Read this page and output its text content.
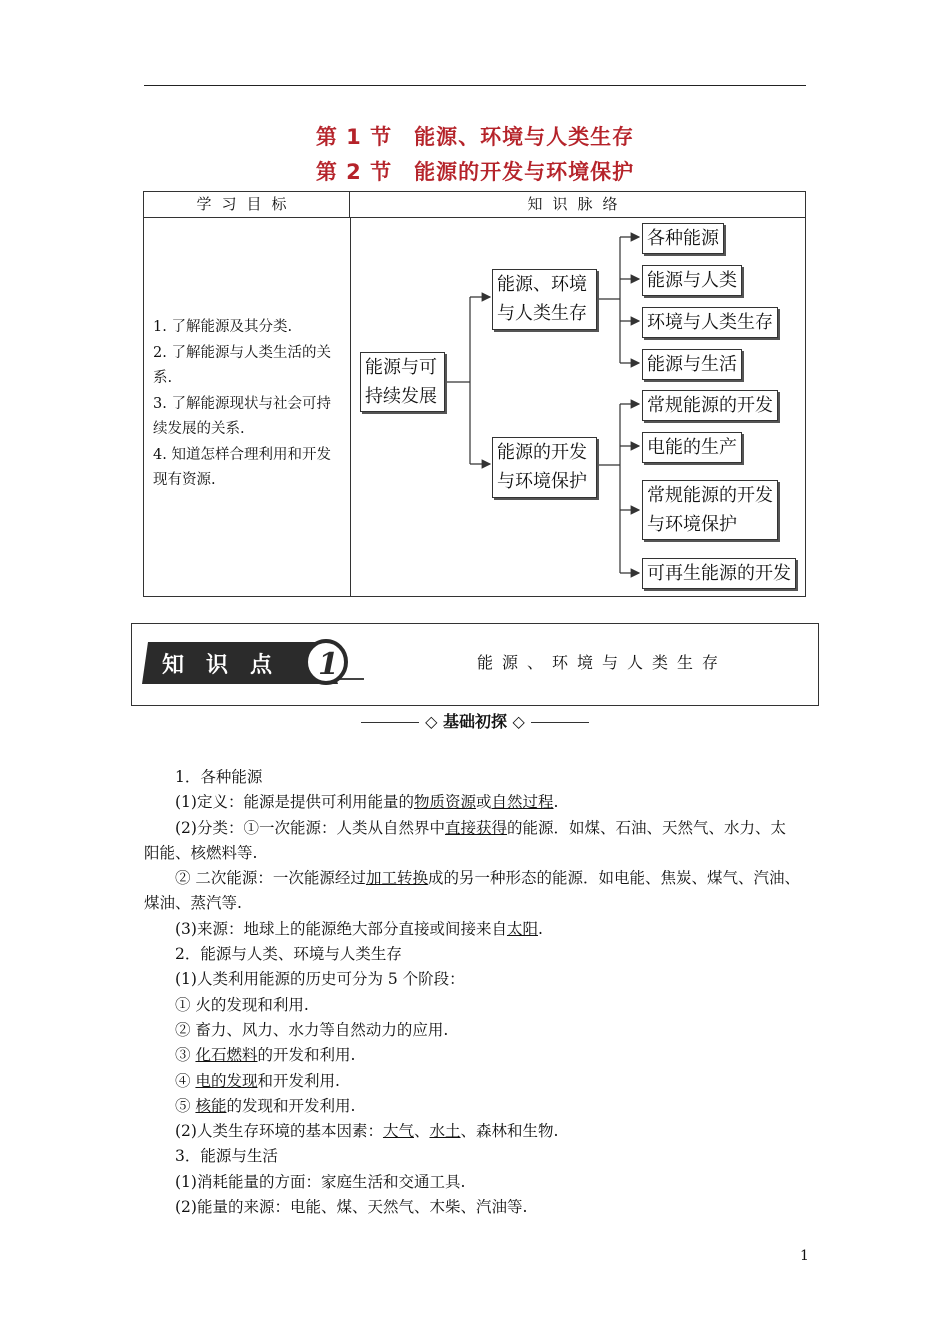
第 1 节　能源、环境与人类生存
第 2 节　能源的开发与环境保护
学习目标	知识脉络
1. 了解能源及其分类.
2. 了解能源与人类生活的关系.
3. 了解能源现状与社会可持续发展的关系.
4. 知道怎样合理利用和开发现有资源.
能源与可
持续发展
能源、环境
与人类生存
能源的开发
与环境保护
各种能源
能源与人类
环境与人类生存
能源与生活
常规能源的开发
电能的生产
常规能源的开发
与环境保护
可再生能源的开发
知　识　点 1	能源、环境与人类生存
◇ 基础初探 ◇
1．各种能源
(1)定义：能源是提供可利用能量的物质资源或自然过程.
(2)分类：①一次能源：人类从自然界中直接获得的能源．如煤、石油、天然气、水力、太
阳能、核燃料等.
② 二次能源：一次能源经过加工转换成的另一种形态的能源．如电能、焦炭、煤气、汽油、
煤油、蒸汽等.
(3)来源：地球上的能源绝大部分直接或间接来自太阳.
2．能源与人类、环境与人类生存
(1)人类利用能源的历史可分为 5 个阶段：
① 火的发现和利用.
② 畜力、风力、水力等自然动力的应用.
③ 化石燃料的开发和利用.
④ 电的发现和开发利用.
⑤ 核能的发现和开发利用.
(2)人类生存环境的基本因素：大气、水土、森林和生物.
3．能源与生活
(1)消耗能量的方面：家庭生活和交通工具.
(2)能量的来源：电能、煤、天然气、木柴、汽油等.
1
